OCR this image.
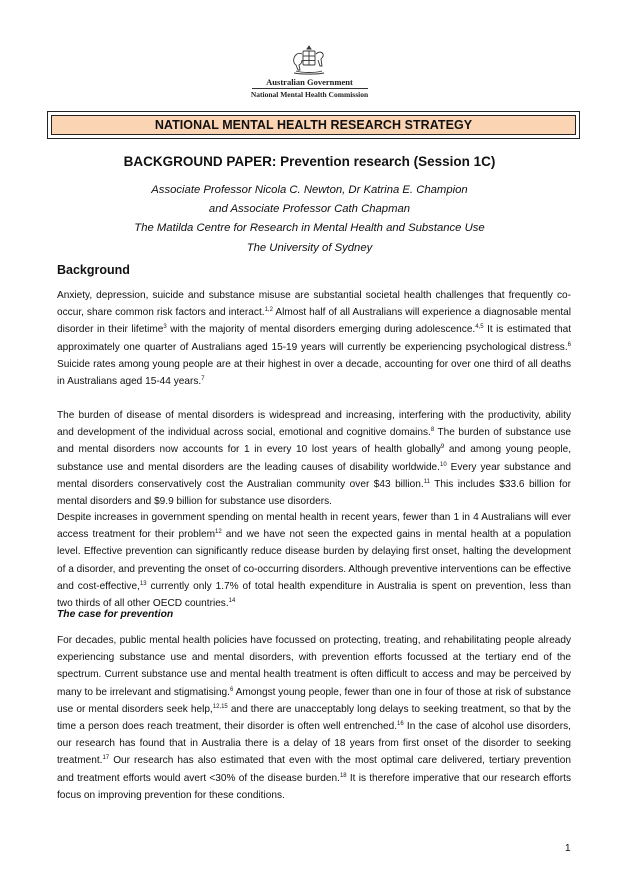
Australian Government
National Mental Health Commission
NATIONAL MENTAL HEALTH RESEARCH STRATEGY
BACKGROUND PAPER: Prevention research (Session 1C)
Associate Professor Nicola C. Newton, Dr Katrina E. Champion
and Associate Professor Cath Chapman
The Matilda Centre for Research in Mental Health and Substance Use
The University of Sydney
Background

Anxiety, depression, suicide and substance misuse are substantial societal health challenges that frequently co-occur, share common risk factors and interact.$^{1,2}$ Almost half of all Australians will experience a diagnosable mental disorder in their lifetime$^3$ with the majority of mental disorders emerging during adolescence.$^{4,5}$ It is estimated that approximately one quarter of Australians aged 15-19 years will currently be experiencing psychological distress.$^6$ Suicide rates among young people are at their highest in over a decade, accounting for over one third of all deaths in Australians aged 15-44 years.$^7$

The burden of disease of mental disorders is widespread and increasing, interfering with the productivity, ability and development of the individual across social, emotional and cognitive domains.$^8$ The burden of substance use and mental disorders now accounts for 1 in every 10 lost years of health globally$^9$ and among young people, substance use and mental disorders are the leading causes of disability worldwide.$^{10}$ Every year substance and mental disorders conservatively cost the Australian community over $43 billion.$^{11}$ This includes $33.6 billion for mental disorders and $9.9 billion for substance use disorders.

Despite increases in government spending on mental health in recent years, fewer than 1 in 4 Australians will ever access treatment for their problem$^{12}$ and we have not seen the expected gains in mental health at a population level. Effective prevention can significantly reduce disease burden by delaying first onset, halting the development of a disorder, and preventing the onset of co-occurring disorders. Although preventive interventions can be effective and cost-effective,$^{13}$ currently only 1.7% of total health expenditure in Australia is spent on prevention, less than two thirds of all other OECD countries.$^{14}$

The case for prevention

For decades, public mental health policies have focussed on protecting, treating, and rehabilitating people already experiencing substance use and mental disorders, with prevention efforts focussed at the tertiary end of the spectrum. Current substance use and mental health treatment is often difficult to access and may be perceived by many to be irrelevant and stigmatising.$^6$ Amongst young people, fewer than one in four of those at risk of substance use or mental disorders seek help,$^{12,15}$ and there are unacceptably long delays to seeking treatment, so that by the time a person does reach treatment, their disorder is often well entrenched.$^{16}$ In the case of alcohol use disorders, our research has found that in Australia there is a delay of 18 years from first onset of the disorder to seeking treatment.$^{17}$ Our research has also estimated that even with the most optimal care delivered, tertiary prevention and treatment efforts would avert <30% of the disease burden.$^{18}$ It is therefore imperative that our research efforts focus on improving prevention for these conditions.

1
